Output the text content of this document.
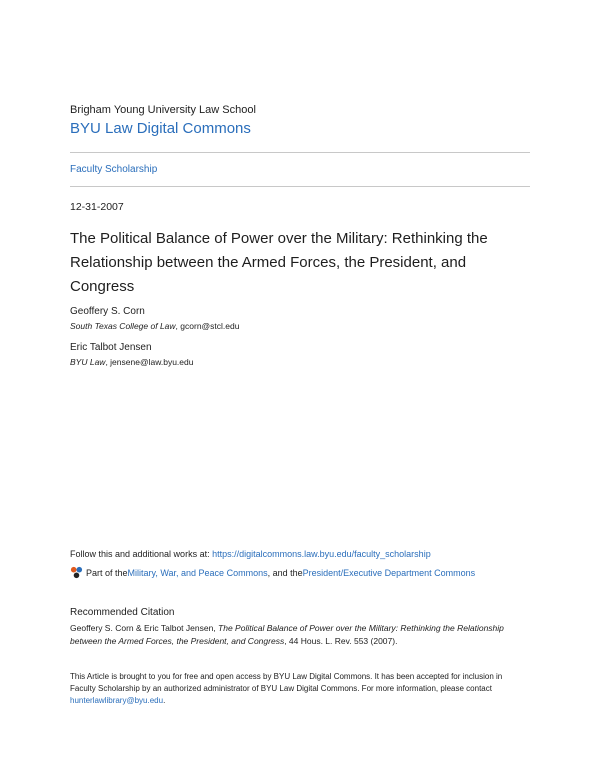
Brigham Young University Law School
BYU Law Digital Commons
Faculty Scholarship
12-31-2007
The Political Balance of Power over the Military: Rethinking the Relationship between the Armed Forces, the President, and Congress
Geoffery S. Corn
South Texas College of Law, gcorn@stcl.edu
Eric Talbot Jensen
BYU Law, jensene@law.byu.edu
Follow this and additional works at: https://digitalcommons.law.byu.edu/faculty_scholarship
Part of the Military, War, and Peace Commons , and the President/Executive Department Commons
Recommended Citation
Geoffery S. Corn & Eric Talbot Jensen, The Political Balance of Power over the Military: Rethinking the Relationship between the Armed Forces, the President, and Congress, 44 Hous. L. Rev. 553 (2007).
This Article is brought to you for free and open access by BYU Law Digital Commons. It has been accepted for inclusion in Faculty Scholarship by an authorized administrator of BYU Law Digital Commons. For more information, please contact hunterlawlibrary@byu.edu.
